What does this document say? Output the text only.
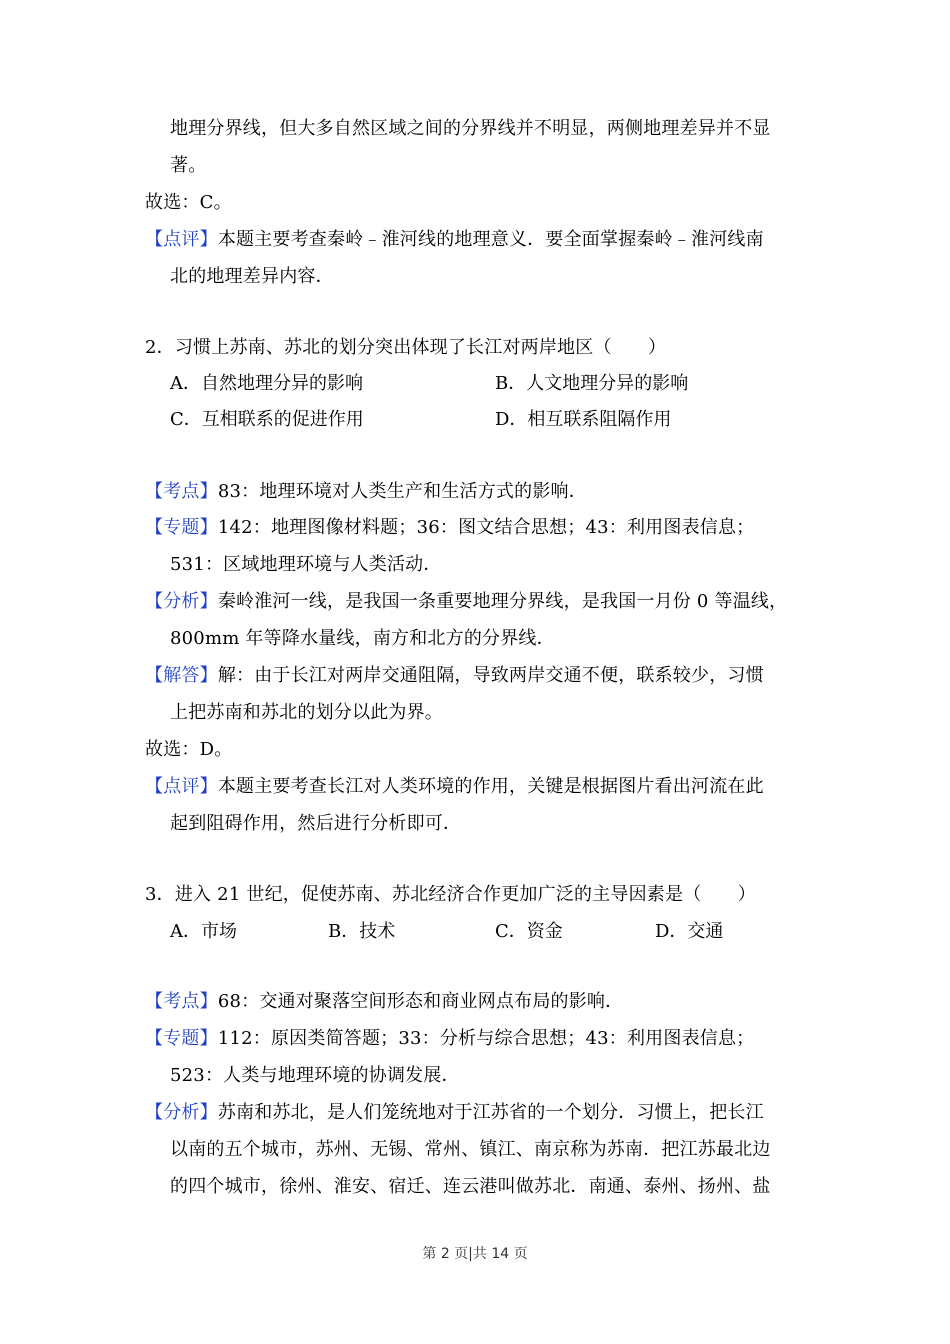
地理分界线，但大多自然区域之间的分界线并不明显，两侧地理差异并不显
著。
故选：C。
【点评】本题主要考查秦岭﹣淮河线的地理意义．要全面掌握秦岭﹣淮河线南
北的地理差异内容．
2．习惯上苏南、苏北的划分突出体现了长江对两岸地区（　　）
A．自然地理分异的影响	B．人文地理分异的影响
C．互相联系的促进作用	D．相互联系阻隔作用
【考点】83：地理环境对人类生产和生活方式的影响．
【专题】142：地理图像材料题；36：图文结合思想；43：利用图表信息；
531：区域地理环境与人类活动．
【分析】秦岭淮河一线，是我国一条重要地理分界线，是我国一月份 0 等温线，
800mm 年等降水量线，南方和北方的分界线．
【解答】解：由于长江对两岸交通阻隔，导致两岸交通不便，联系较少，习惯
上把苏南和苏北的划分以此为界。
故选：D。
【点评】本题主要考查长江对人类环境的作用，关键是根据图片看出河流在此
起到阻碍作用，然后进行分析即可．
3．进入 21 世纪，促使苏南、苏北经济合作更加广泛的主导因素是（　　）
A．市场	B．技术	C．资金	D．交通
【考点】68：交通对聚落空间形态和商业网点布局的影响．
【专题】112：原因类简答题；33：分析与综合思想；43：利用图表信息；
523：人类与地理环境的协调发展．
【分析】苏南和苏北，是人们笼统地对于江苏省的一个划分．习惯上，把长江
以南的五个城市，苏州、无锡、常州、镇江、南京称为苏南．把江苏最北边
的四个城市，徐州、淮安、宿迁、连云港叫做苏北．南通、泰州、扬州、盐
第 2 页|共 14 页
